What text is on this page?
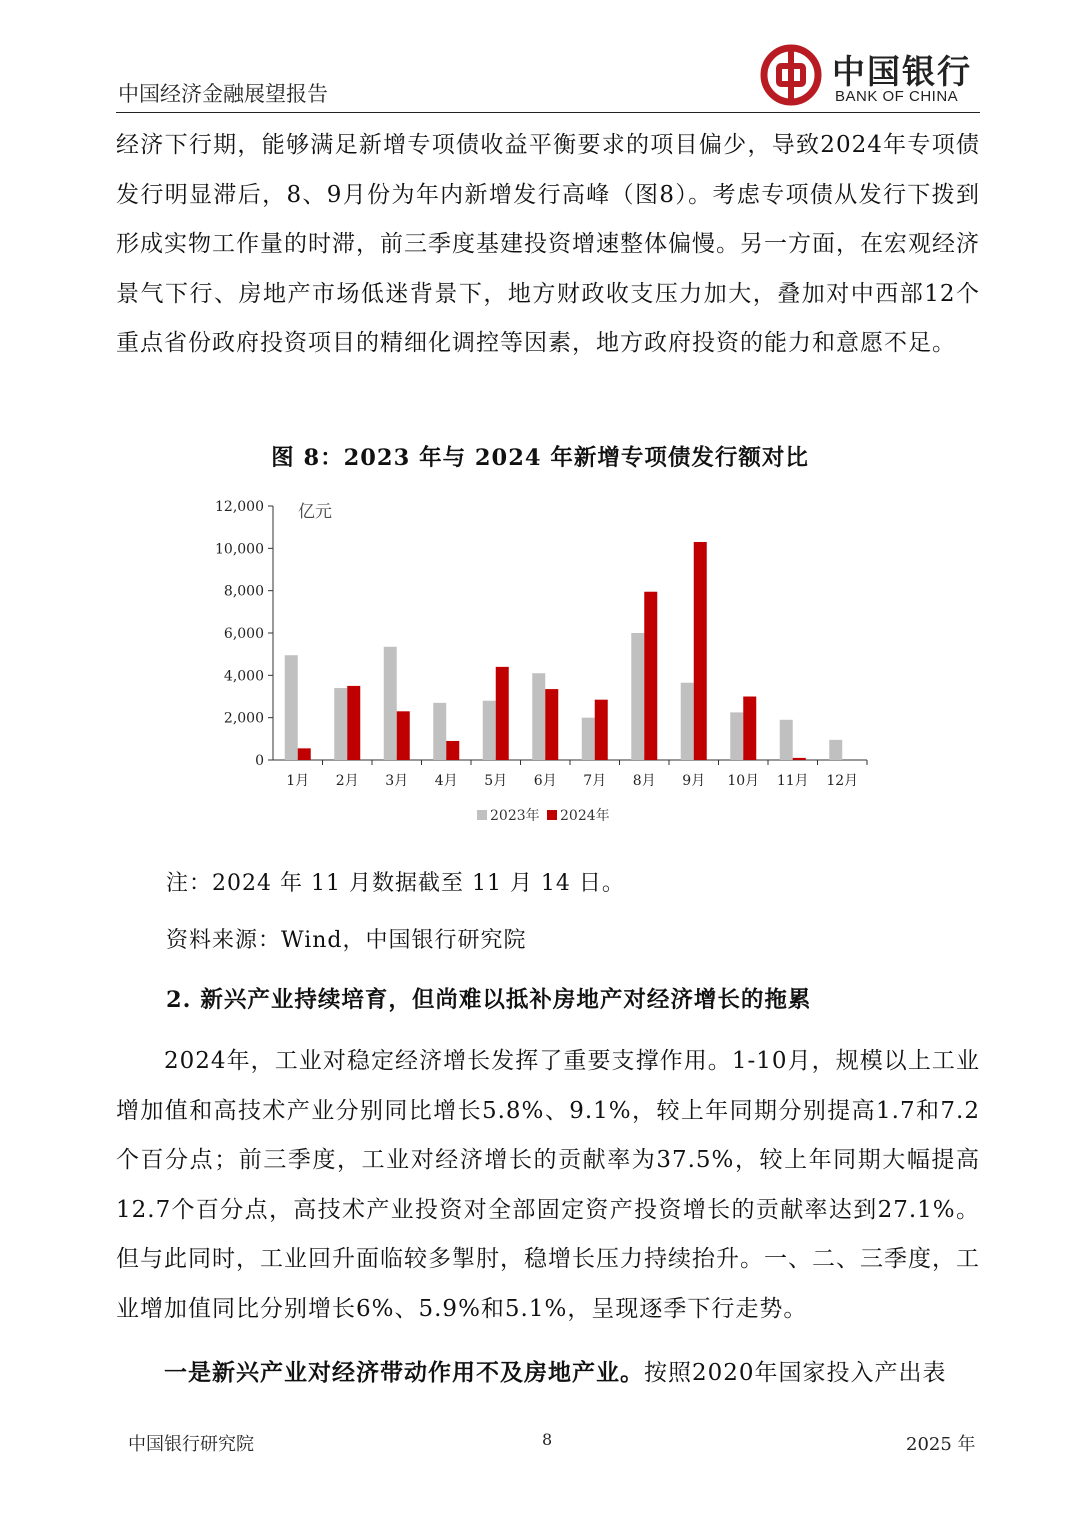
中国经济金融展望报告
中国银行
BANK OF CHINA

经济下行期，能够满足新增专项债收益平衡要求的项目偏少，导致2024年专项债发行明显滞后，8、9月份为年内新增发行高峰（图8）。考虑专项债从发行下拨到形成实物工作量的时滞，前三季度基建投资增速整体偏慢。另一方面，在宏观经济景气下行、房地产市场低迷背景下，地方财政收支压力加大，叠加对中西部12个重点省份政府投资项目的精细化调控等因素，地方政府投资的能力和意愿不足。

图 8：2023 年与 2024 年新增专项债发行额对比
0
2,000
4,000
6,000
8,000
10,000
12,000 亿元
1月 2月 3月 4月 5月 6月 7月 8月 9月 10月 11月 12月
2023年 2024年
注：2024 年 11 月数据截至 11 月 14 日。
资料来源：Wind，中国银行研究院
2. 新兴产业持续培育，但尚难以抵补房地产对经济增长的拖累

2024年，工业对稳定经济增长发挥了重要支撑作用。1-10月，规模以上工业增加值和高技术产业分别同比增长5.8%、9.1%，较上年同期分别提高1.7和7.2个百分点；前三季度，工业对经济增长的贡献率为37.5%，较上年同期大幅提高12.7个百分点，高技术产业投资对全部固定资产投资增长的贡献率达到27.1%。但与此同时，工业回升面临较多掣肘，稳增长压力持续抬升。一、二、三季度，工业增加值同比分别增长6%、5.9%和5.1%，呈现逐季下行走势。

一是新兴产业对经济带动作用不及房地产业。按照2020年国家投入产出表

中国银行研究院	8	2025 年
